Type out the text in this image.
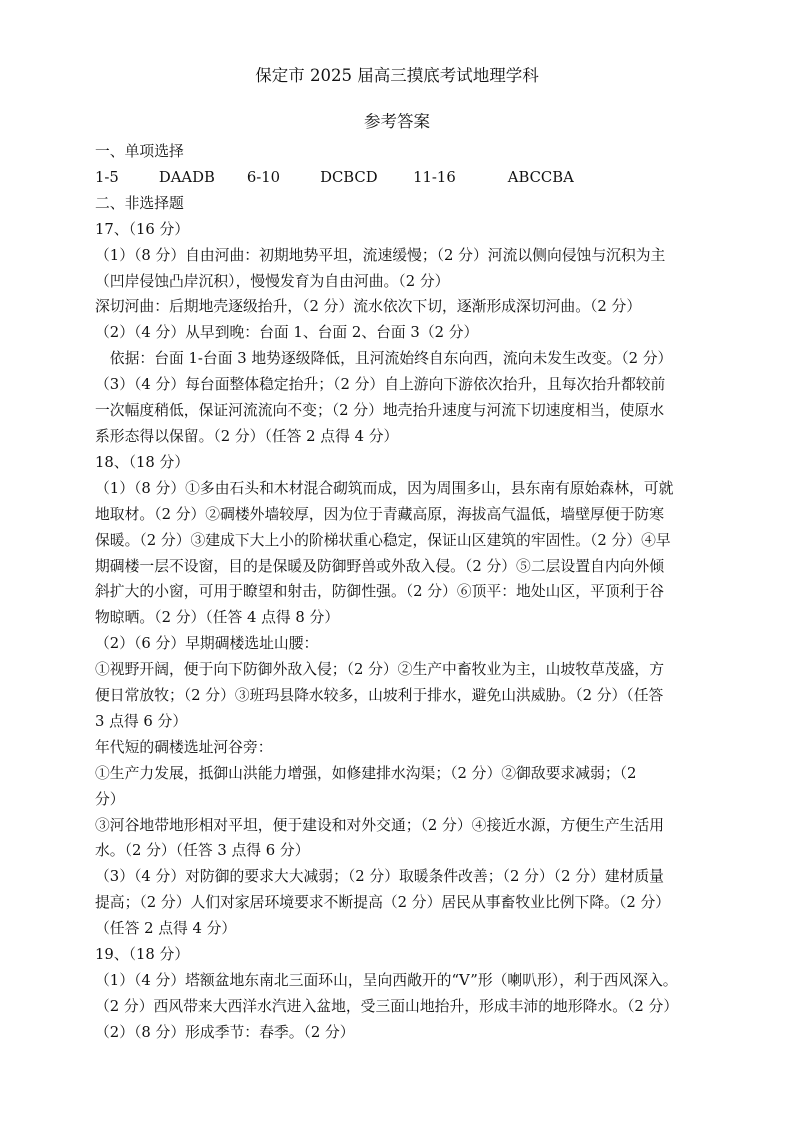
保定市 2025 届高三摸底考试地理学科
参考答案
一、单项选择
1-5	DAADB 6-10	DCBCD 11-16	ABCCBA
二、非选择题
17、（16 分）
（1）（8 分）自由河曲：初期地势平坦，流速缓慢；（2 分）河流以侧向侵蚀与沉积为主
（凹岸侵蚀凸岸沉积），慢慢发育为自由河曲。（2 分）
深切河曲：后期地壳逐级抬升，（2 分）流水依次下切，逐渐形成深切河曲。（2 分）
（2）（4 分）从早到晚：台面 1、台面 2、台面 3（2 分）
　依据：台面 1-台面 3 地势逐级降低，且河流始终自东向西，流向未发生改变。（2 分）
（3）（4 分）每台面整体稳定抬升；（2 分）自上游向下游依次抬升，且每次抬升都较前
一次幅度稍低，保证河流流向不变；（2 分）地壳抬升速度与河流下切速度相当，使原水
系形态得以保留。（2 分）（任答 2 点得 4 分）
18、（18 分）
（1）（8 分）①多由石头和木材混合砌筑而成，因为周围多山，县东南有原始森林，可就
地取材。（2 分）②碉楼外墙较厚，因为位于青藏高原，海拔高气温低，墙壁厚便于防寒
保暖。（2 分）③建成下大上小的阶梯状重心稳定，保证山区建筑的牢固性。（2 分）④早
期碉楼一层不设窗，目的是保暖及防御野兽或外敌入侵。（2 分）⑤二层设置自内向外倾
斜扩大的小窗，可用于瞭望和射击，防御性强。（2 分）⑥顶平：地处山区，平顶利于谷
物晾晒。（2 分）（任答 4 点得 8 分）
（2）（6 分）早期碉楼选址山腰：
①视野开阔，便于向下防御外敌入侵；（2 分）②生产中畜牧业为主，山坡牧草茂盛，方
便日常放牧；（2 分）③班玛县降水较多，山坡利于排水，避免山洪威胁。（2 分）（任答
3 点得 6 分）
年代短的碉楼选址河谷旁：
①生产力发展，抵御山洪能力增强，如修建排水沟渠；（2 分）②御敌要求减弱；（2
分）
③河谷地带地形相对平坦，便于建设和对外交通；（2 分）④接近水源，方便生产生活用
水。（2 分）（任答 3 点得 6 分）
（3）（4 分）对防御的要求大大减弱；（2 分）取暖条件改善；（2 分）（2 分）建材质量
提高；（2 分）人们对家居环境要求不断提高（2 分）居民从事畜牧业比例下降。（2 分）
（任答 2 点得 4 分）
19、（18 分）
（1）（4 分）塔额盆地东南北三面环山，呈向西敞开的“V”形（喇叭形），利于西风深入。
（2 分）西风带来大西洋水汽进入盆地，受三面山地抬升，形成丰沛的地形降水。（2 分）
（2）（8 分）形成季节：春季。（2 分）
